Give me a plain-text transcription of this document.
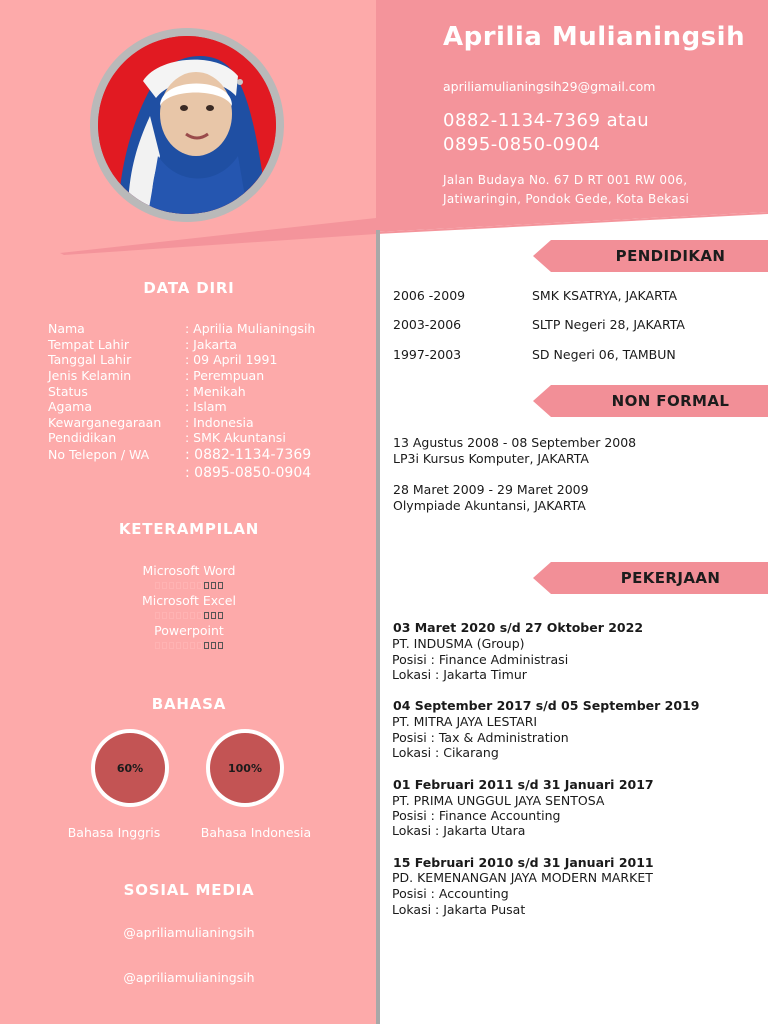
Aprilia Mulianingsih
apriliamulianingsih29@gmail.com
0882-1134-7369 atau
0895-0850-0904
Jalan Budaya No. 67 D RT 001 RW 006,
Jatiwaringin, Pondok Gede, Kota Bekasi
DATA DIRI
Nama	: Aprilia Mulianingsih
Tempat Lahir	: Jakarta
Tanggal Lahir	: 09 April 1991
Jenis Kelamin	: Perempuan
Status	: Menikah
Agama	: Islam
Kewarganegaraan : Indonesia
Pendidikan	: SMK Akuntansi
No Telepon / WA	: 0882-1134-7369
: 0895-0850-0904
KETERAMPILAN
Microsoft Word
Microsoft Excel
Powerpoint
BAHASA
60%	100%
Bahasa Inggris	Bahasa Indonesia
SOSIAL MEDIA
@apriliamulianingsih
@apriliamulianingsih
PENDIDIKAN
2006 -2009	SMK KSATRYA, JAKARTA
2003-2006	SLTP Negeri 28, JAKARTA
1997-2003	SD Negeri 06, TAMBUN
NON FORMAL
13 Agustus 2008 - 08 September 2008
LP3i Kursus Komputer, JAKARTA
28 Maret 2009 - 29 Maret 2009
Olympiade Akuntansi, JAKARTA
PEKERJAAN
03 Maret 2020 s/d 27 Oktober 2022
PT. INDUSMA (Group)
Posisi : Finance Administrasi
Lokasi : Jakarta Timur
04 September 2017 s/d 05 September 2019
PT. MITRA JAYA LESTARI
Posisi : Tax & Administration
Lokasi : Cikarang
01 Februari 2011 s/d 31 Januari 2017
PT. PRIMA UNGGUL JAYA SENTOSA
Posisi : Finance Accounting
Lokasi : Jakarta Utara
15 Februari 2010 s/d 31 Januari 2011
PD. KEMENANGAN JAYA MODERN MARKET
Posisi : Accounting
Lokasi : Jakarta Pusat
